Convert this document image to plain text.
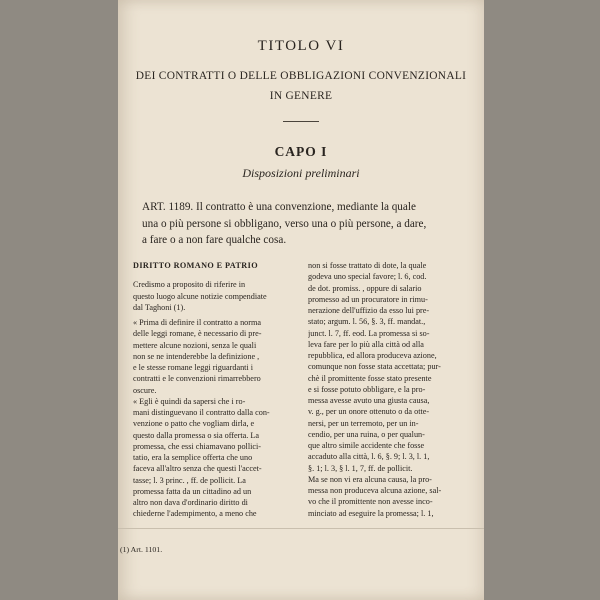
TITOLO VI
DEI CONTRATTI O DELLE OBBLIGAZIONI CONVENZIONALI
IN GENERE
CAPO I
Disposizioni preliminari
ART. 1189. Il contratto è una convenzione, mediante la quale
una o più persone si obbligano, verso una o più persone, a dare,
a fare o a non fare qualche cosa.
DIRITTO ROMANO E PATRIO
Credismo a proposito di riferire in
questo luogo alcune notizie compendiate
dal Taghoni (1).
« Prima di definire il contratto a norma
delle leggi romane, è necessario di pre-
mettere alcune nozioni, senza le quali
non se ne intenderebbe la definizione ,
e le stesse romane leggi riguardanti i
contratti e le convenzioni rimarrebbero
oscure.
« Egli è quindi da sapersi che i ro-
mani distinguevano il contratto dalla con-
venzione o patto che vogliam dirla, e
questo dalla promessa o sia offerta. La
promessa, che essi chiamavano pollici-
tatio, era la semplice offerta che uno
faceva all'altro senza che questi l'accet-
tasse; l. 3 princ. , ff. de pollicit. La
promessa fatta da un cittadino ad un
altro non dava d'ordinario diritto di
chiederne l'adempimento, a meno che
non si fosse trattato di dote, la quale
godeva uno special favore; l. 6, cod.
de dot. promiss. , oppure di salario
promesso ad un procuratore in rimu-
nerazione dell'uffizio da esso lui pre-
stato; argum. l. 56, §. 3, ff. mandat.,
junct. l. 7, ff. eod. La promessa si so-
leva fare per lo più alla città od alla
repubblica, ed allora produceva azione,
comunque non fosse stata accettata; pur-
chè il promittente fosse stato presente
e si fosse potuto obbligare, e la pro-
messa avesse avuto una giusta causa,
v. g., per un onore ottenuto o da otte-
nersi, per un terremoto, per un in-
cendio, per una ruina, o per qualun-
que altro simile accidente che fosse
accaduto alla città, l. 6, §. 9; l. 3, l. 1,
§. 1; l. 3, § l. 1, 7, ff. de pollicit.
Ma se non vi era alcuna causa, la pro-
messa non produceva alcuna azione, sal-
vo che il promittente non avesse inco-
minciato ad eseguire la promessa; l. 1,
(1) Art. 1101.
